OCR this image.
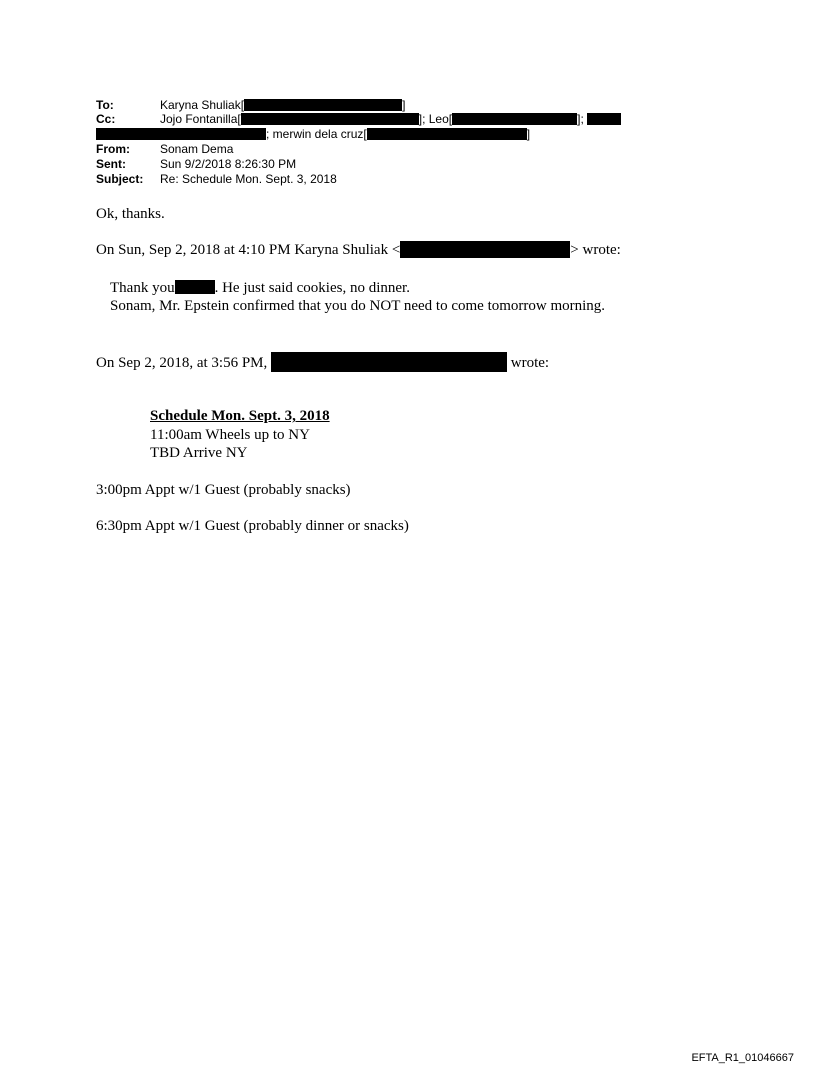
To:	Karyna Shuliak[	]
Cc:	Jojo Fontanilla[	]; Leo[	];
; merwin dela cruz[	]
From:	Sonam Dema
Sent:	Sun 9/2/2018 8:26:30 PM
Subject: Re: Schedule Mon. Sept. 3, 2018
Ok, thanks.
On Sun, Sep 2, 2018 at 4:10 PM Karyna Shuliak <	> wrote:
Thank you	. He just said cookies, no dinner.
Sonam, Mr. Epstein confirmed that you do NOT need to come tomorrow morning.
On Sep 2, 2018, at 3:56 PM,	wrote:
Schedule Mon. Sept. 3, 2018
11:00am Wheels up to NY
TBD Arrive NY
3:00pm Appt w/1 Guest (probably snacks)
6:30pm Appt w/1 Guest (probably dinner or snacks)
EFTA_R1_01046667
